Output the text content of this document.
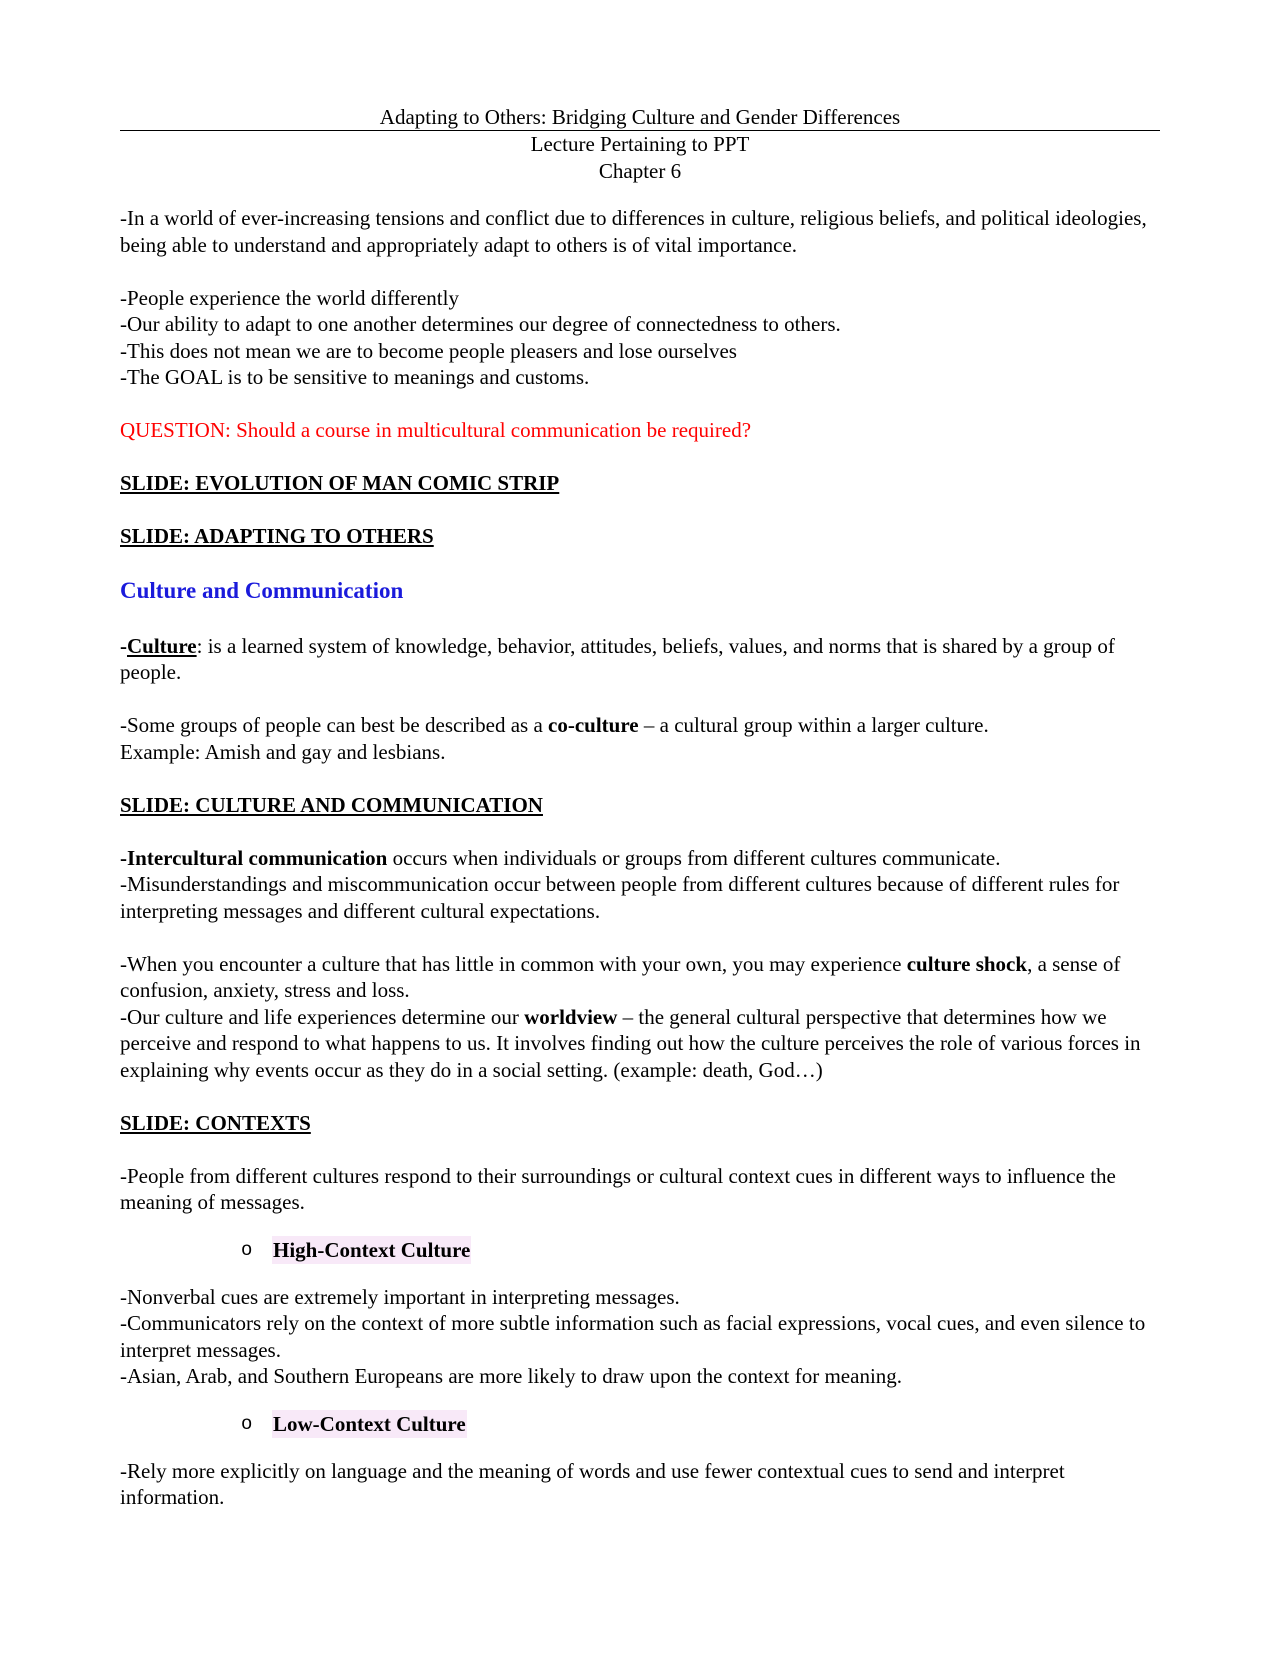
Adapting to Others: Bridging Culture and Gender Differences
Lecture Pertaining to PPT
Chapter 6

-In a world of ever-increasing tensions and conflict due to differences in culture, religious beliefs, and political ideologies, being able to understand and appropriately adapt to others is of vital importance.

-People experience the world differently

-Our ability to adapt to one another determines our degree of connectedness to others.

-This does not mean we are to become people pleasers and lose ourselves

-The GOAL is to be sensitive to meanings and customs.

QUESTION: Should a course in multicultural communication be required?

SLIDE: EVOLUTION OF MAN COMIC STRIP

SLIDE: ADAPTING TO OTHERS

Culture and Communication

-Culture: is a learned system of knowledge, behavior, attitudes, beliefs, values, and norms that is shared by a group of people.

-Some groups of people can best be described as a co-culture – a cultural group within a larger culture.

Example: Amish and gay and lesbians.

SLIDE: CULTURE AND COMMUNICATION

-Intercultural communication occurs when individuals or groups from different cultures communicate.

-Misunderstandings and miscommunication occur between people from different cultures because of different rules for interpreting messages and different cultural expectations.

-When you encounter a culture that has little in common with your own, you may experience culture shock, a sense of confusion, anxiety, stress and loss.

-Our culture and life experiences determine our worldview – the general cultural perspective that determines how we perceive and respond to what happens to us. It involves finding out how the culture perceives the role of various forces in explaining why events occur as they do in a social setting. (example: death, God…)

SLIDE: CONTEXTS

-People from different cultures respond to their surroundings or cultural context cues in different ways to influence the meaning of messages.

o	High-Context Culture

-Nonverbal cues are extremely important in interpreting messages.

-Communicators rely on the context of more subtle information such as facial expressions, vocal cues, and even silence to interpret messages.

-Asian, Arab, and Southern Europeans are more likely to draw upon the context for meaning.

o	Low-Context Culture

-Rely more explicitly on language and the meaning of words and use fewer contextual cues to send and interpret information.
